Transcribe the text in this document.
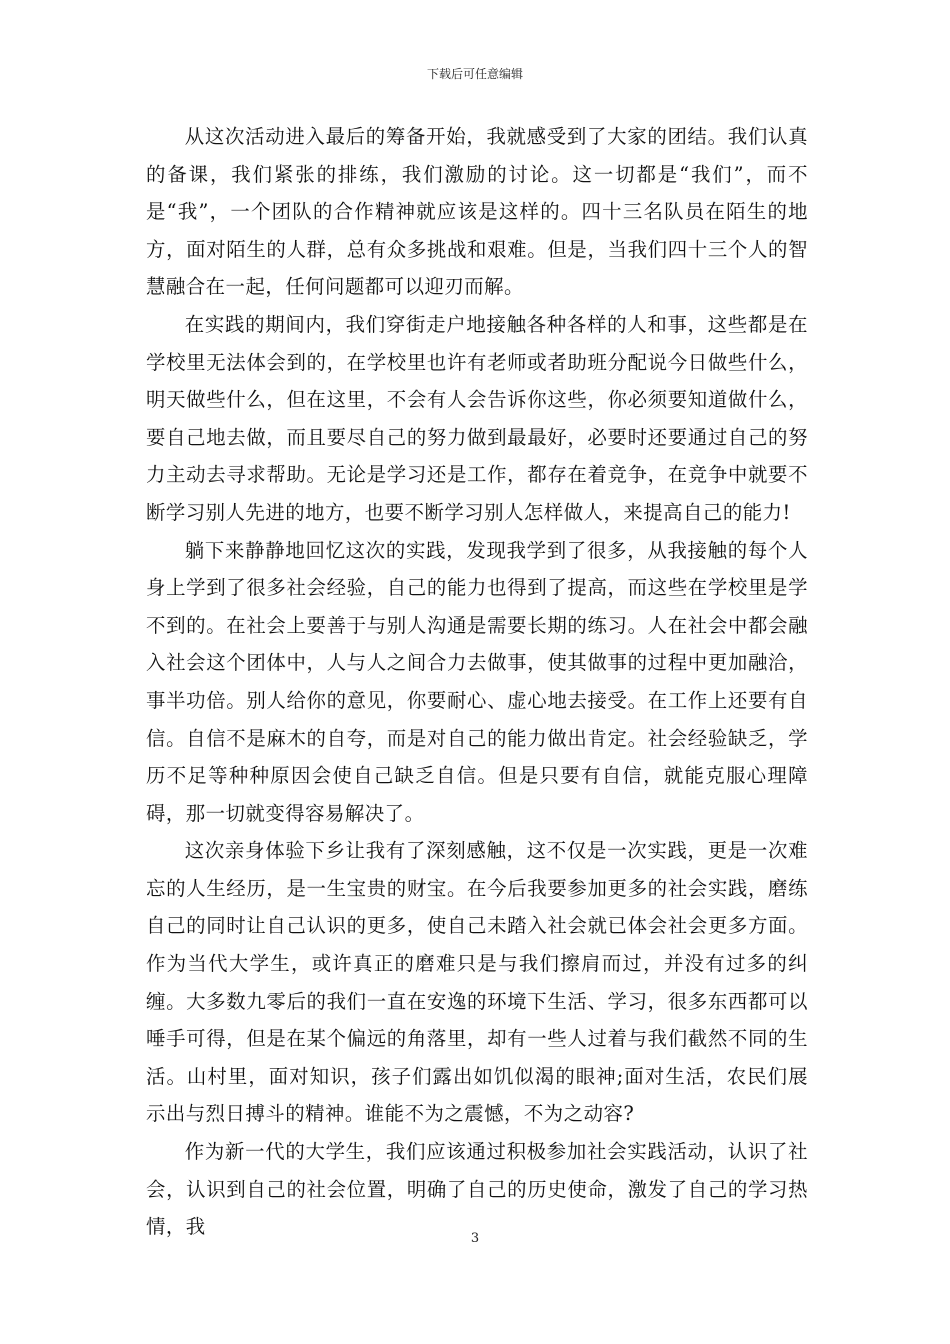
下载后可任意编辑

从这次活动进入最后的筹备开始，我就感受到了大家的团结。我们认真的备课，我们紧张的排练，我们激励的讨论。这一切都是“我们”，而不是“我”，一个团队的合作精神就应该是这样的。四十三名队员在陌生的地方，面对陌生的人群，总有众多挑战和艰难。但是，当我们四十三个人的智慧融合在一起，任何问题都可以迎刃而解。

在实践的期间内，我们穿街走户地接触各种各样的人和事，这些都是在学校里无法体会到的，在学校里也许有老师或者助班分配说今日做些什么，明天做些什么，但在这里，不会有人会告诉你这些，你必须要知道做什么，要自己地去做，而且要尽自己的努力做到最最好，必要时还要通过自己的努力主动去寻求帮助。无论是学习还是工作，都存在着竞争，在竞争中就要不断学习别人先进的地方，也要不断学习别人怎样做人，来提高自己的能力!

躺下来静静地回忆这次的实践，发现我学到了很多，从我接触的每个人身上学到了很多社会经验，自己的能力也得到了提高，而这些在学校里是学不到的。在社会上要善于与别人沟通是需要长期的练习。人在社会中都会融入社会这个团体中，人与人之间合力去做事，使其做事的过程中更加融洽，事半功倍。别人给你的意见，你要耐心、虚心地去接受。在工作上还要有自信。自信不是麻木的自夸，而是对自己的能力做出肯定。社会经验缺乏，学历不足等种种原因会使自己缺乏自信。但是只要有自信，就能克服心理障碍，那一切就变得容易解决了。

这次亲身体验下乡让我有了深刻感触，这不仅是一次实践，更是一次难忘的人生经历，是一生宝贵的财宝。在今后我要参加更多的社会实践，磨练自己的同时让自己认识的更多，使自己未踏入社会就已体会社会更多方面。作为当代大学生，或许真正的磨难只是与我们擦肩而过，并没有过多的纠缠。大多数九零后的我们一直在安逸的环境下生活、学习，很多东西都可以唾手可得，但是在某个偏远的角落里，却有一些人过着与我们截然不同的生活。山村里，面对知识，孩子们露出如饥似渴的眼神;面对生活，农民们展示出与烈日搏斗的精神。谁能不为之震憾，不为之动容?

作为新一代的大学生，我们应该通过积极参加社会实践活动，认识了社会，认识到自己的社会位置，明确了自己的历史使命，激发了自己的学习热情，我

3
